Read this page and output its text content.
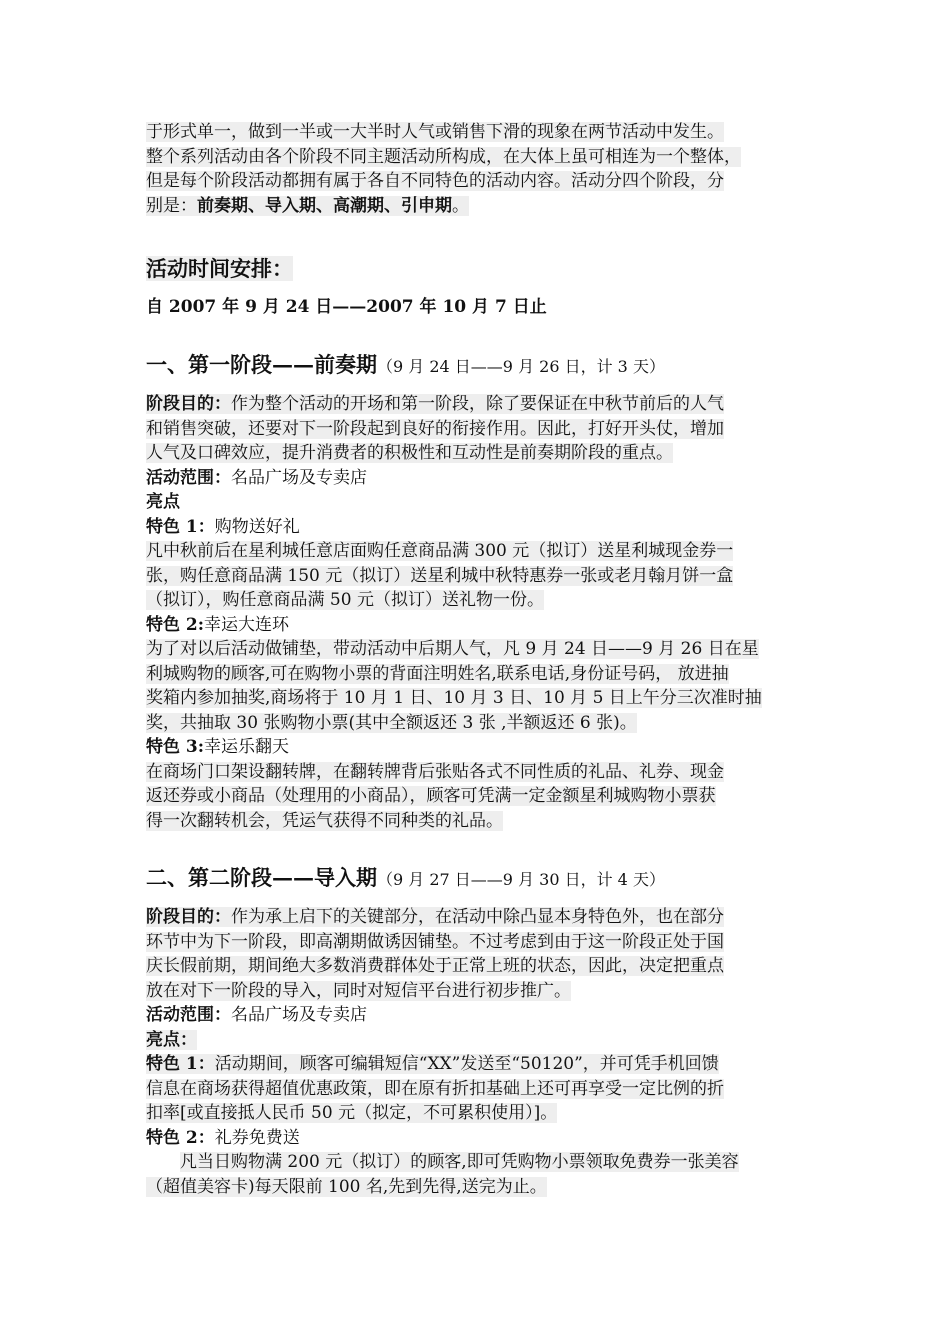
于形式单一，做到一半或一大半时人气或销售下滑的现象在两节活动中发生。
整个系列活动由各个阶段不同主题活动所构成，在大体上虽可相连为一个整体，
但是每个阶段活动都拥有属于各自不同特色的活动内容。活动分四个阶段，分
别是：前奏期、导入期、高潮期、引申期。
活动时间安排：
自 2007 年 9 月 24 日——2007 年 10 月 7 日止
一、第一阶段——前奏期（9 月 24 日——9 月 26 日，计 3 天）
阶段目的：作为整个活动的开场和第一阶段，除了要保证在中秋节前后的人气
和销售突破，还要对下一阶段起到良好的衔接作用。因此，打好开头仗，增加
人气及口碑效应，提升消费者的积极性和互动性是前奏期阶段的重点。
活动范围：名品广场及专卖店
亮点
特色 1：购物送好礼
凡中秋前后在星利城任意店面购任意商品满 300 元（拟订）送星利城现金券一
张，购任意商品满 150 元（拟订）送星利城中秋特惠券一张或老月翰月饼一盒
（拟订），购任意商品满 50 元（拟订）送礼物一份。
特色 2:幸运大连环
为了对以后活动做铺垫，带动活动中后期人气，凡 9 月 24 日——9 月 26 日在星
利城购物的顾客,可在购物小票的背面注明姓名,联系电话,身份证号码， 放进抽
奖箱内参加抽奖,商场将于 10 月 1 日、10 月 3 日、10 月 5 日上午分三次准时抽
奖，共抽取 30 张购物小票(其中全额返还 3 张 ,半额返还 6 张)。
特色 3:幸运乐翻天
在商场门口架设翻转牌，在翻转牌背后张贴各式不同性质的礼品、礼券、现金
返还券或小商品（处理用的小商品），顾客可凭满一定金额星利城购物小票获
得一次翻转机会，凭运气获得不同种类的礼品。
二、第二阶段——导入期（9 月 27 日——9 月 30 日，计 4 天）
阶段目的：作为承上启下的关键部分，在活动中除凸显本身特色外，也在部分
环节中为下一阶段，即高潮期做诱因铺垫。不过考虑到由于这一阶段正处于国
庆长假前期，期间绝大多数消费群体处于正常上班的状态，因此，决定把重点
放在对下一阶段的导入，同时对短信平台进行初步推广。
活动范围：名品广场及专卖店
亮点：
特色 1：活动期间，顾客可编辑短信“XX”发送至“50120”，并可凭手机回馈
信息在商场获得超值优惠政策，即在原有折扣基础上还可再享受一定比例的折
扣率[或直接抵人民币 50 元（拟定，不可累积使用）]。
特色 2：礼券免费送
凡当日购物满 200 元（拟订）的顾客,即可凭购物小票领取免费券一张美容
（超值美容卡)每天限前 100 名,先到先得,送完为止。
